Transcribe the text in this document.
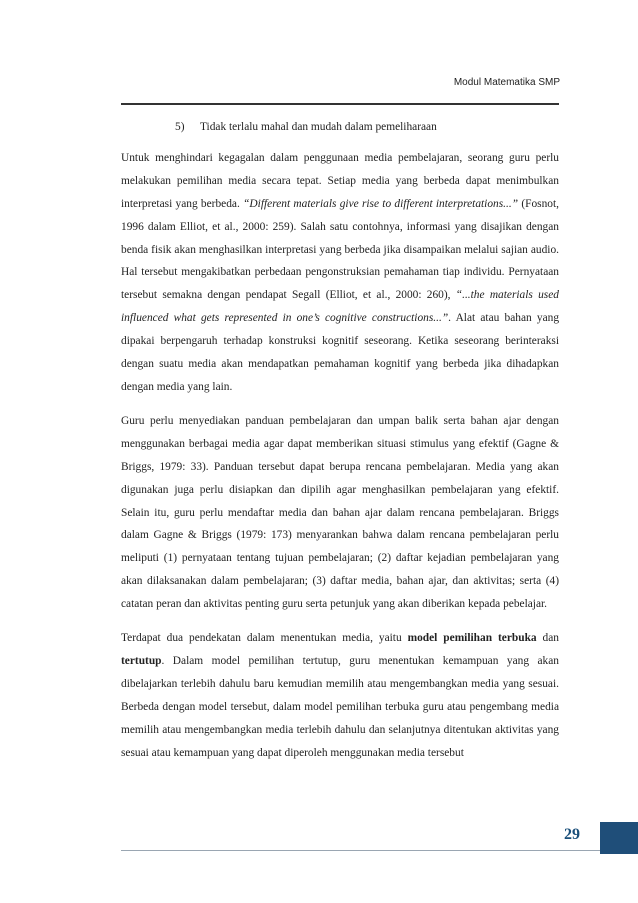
Modul Matematika SMP
5) Tidak terlalu mahal dan mudah dalam pemeliharaan

Untuk menghindari kegagalan dalam penggunaan media pembelajaran, seorang guru perlu melakukan pemilihan media secara tepat. Setiap media yang berbeda dapat menimbulkan interpretasi yang berbeda. “Different materials give rise to different interpretations...” (Fosnot, 1996 dalam Elliot, et al., 2000: 259). Salah satu contohnya, informasi yang disajikan dengan benda fisik akan menghasilkan interpretasi yang berbeda jika disampaikan melalui sajian audio. Hal tersebut mengakibatkan perbedaan pengonstruksian pemahaman tiap individu. Pernyataan tersebut semakna dengan pendapat Segall (Elliot, et al., 2000: 260), “...the materials used influenced what gets represented in one’s cognitive constructions...”. Alat atau bahan yang dipakai berpengaruh terhadap konstruksi kognitif seseorang. Ketika seseorang berinteraksi dengan suatu media akan mendapatkan pemahaman kognitif yang berbeda jika dihadapkan dengan media yang lain.

Guru perlu menyediakan panduan pembelajaran dan umpan balik serta bahan ajar dengan menggunakan berbagai media agar dapat memberikan situasi stimulus yang efektif (Gagne & Briggs, 1979: 33). Panduan tersebut dapat berupa rencana pembelajaran. Media yang akan digunakan juga perlu disiapkan dan dipilih agar menghasilkan pembelajaran yang efektif. Selain itu, guru perlu mendaftar media dan bahan ajar dalam rencana pembelajaran. Briggs dalam Gagne & Briggs (1979: 173) menyarankan bahwa dalam rencana pembelajaran perlu meliputi (1) pernyataan tentang tujuan pembelajaran; (2) daftar kejadian pembelajaran yang akan dilaksanakan dalam pembelajaran; (3) daftar media, bahan ajar, dan aktivitas; serta (4) catatan peran dan aktivitas penting guru serta petunjuk yang akan diberikan kepada pebelajar.

Terdapat dua pendekatan dalam menentukan media, yaitu model pemilihan terbuka dan tertutup. Dalam model pemilihan tertutup, guru menentukan kemampuan yang akan dibelajarkan terlebih dahulu baru kemudian memilih atau mengembangkan media yang sesuai. Berbeda dengan model tersebut, dalam model pemilihan terbuka guru atau pengembang media memilih atau mengembangkan media terlebih dahulu dan selanjutnya ditentukan aktivitas yang sesuai atau kemampuan yang dapat diperoleh menggunakan media tersebut

29
